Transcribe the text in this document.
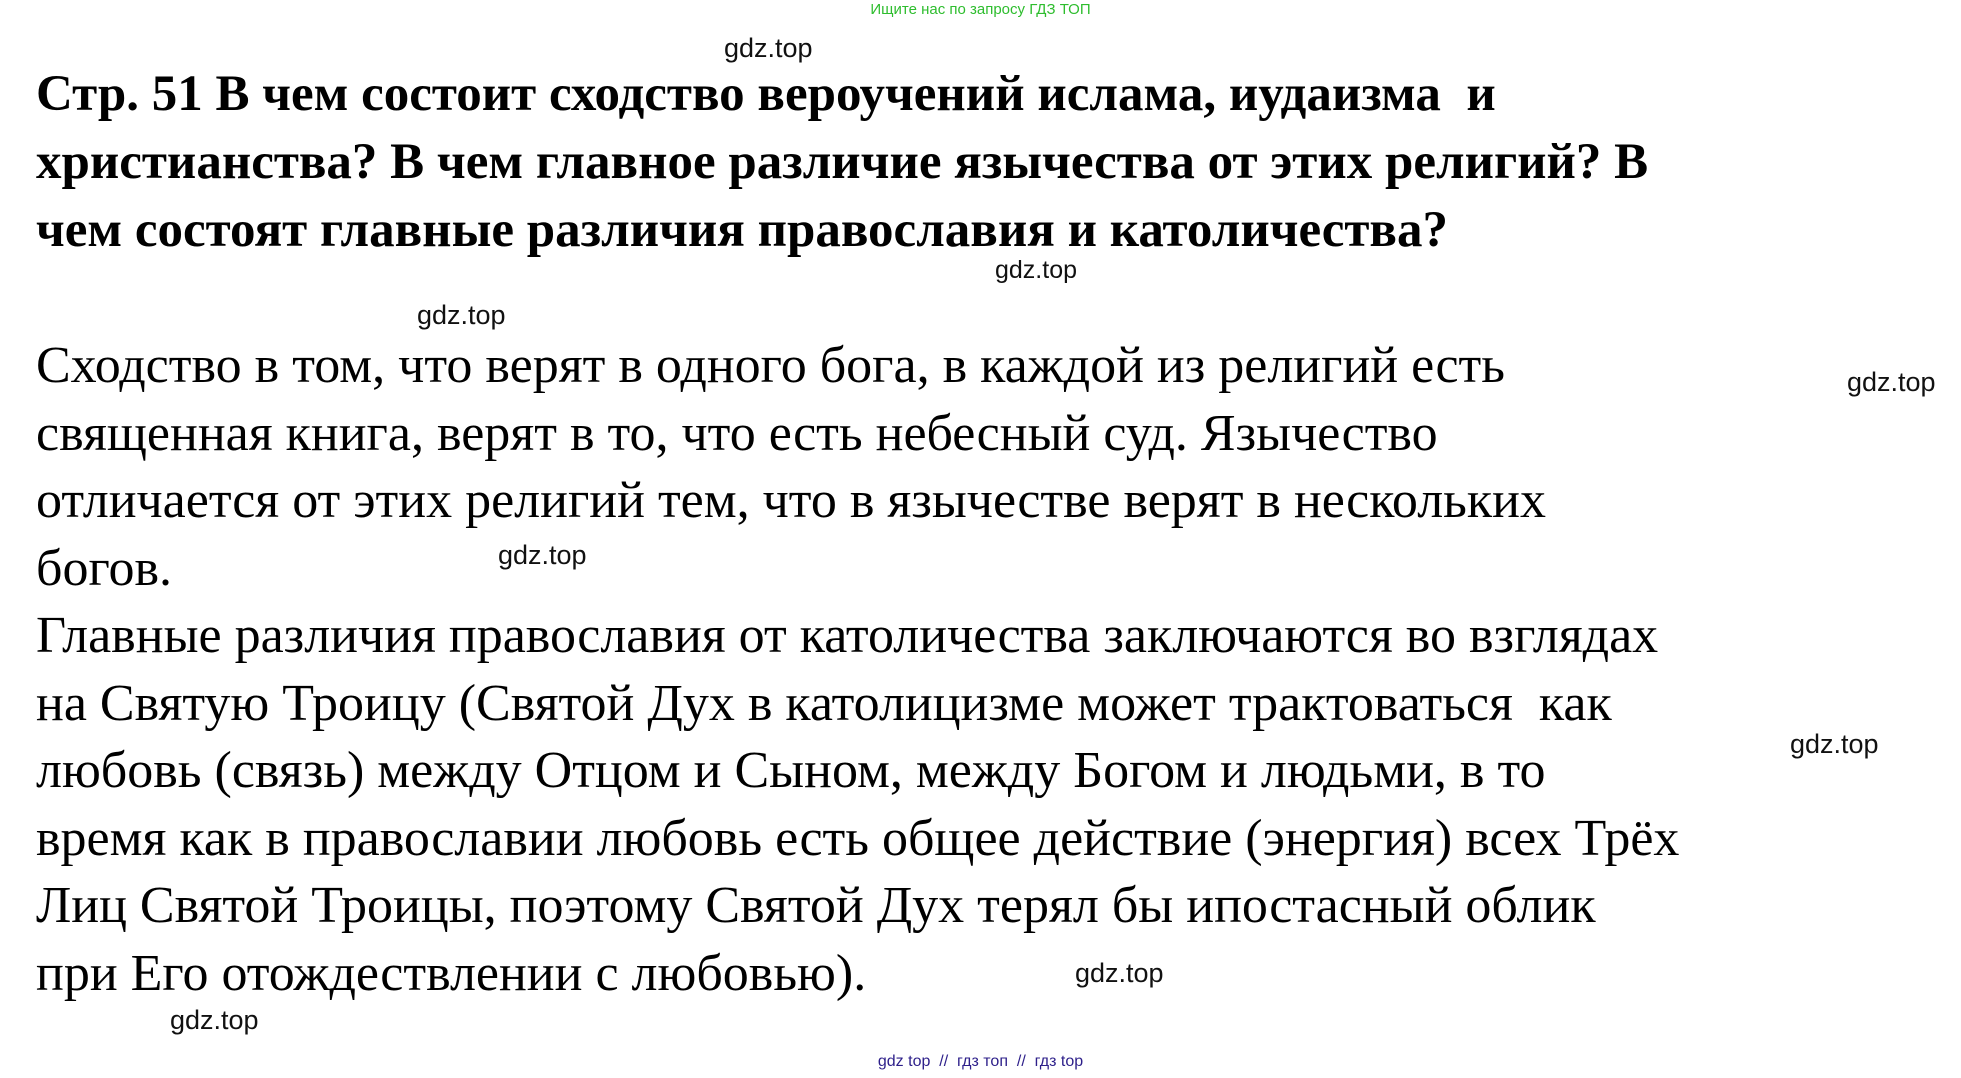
Ищите нас по запросу ГДЗ ТОП
gdz.top
Стр. 51 В чем состоит сходство вероучений ислама, иудаизма  и
христианства? В чем главное различие язычества от этих религий? В
чем состоят главные различия православия и католичества?
gdz.top
gdz.top
gdz.top
Сходство в том, что верят в одного бога, в каждой из религий есть
священная книга, верят в то, что есть небесный суд. Язычество
отличается от этих религий тем, что в язычестве верят в нескольких
богов.
Главные различия православия от католичества заключаются во взглядах
на Святую Троицу (Святой Дух в католицизме может трактоваться  как
любовь (связь) между Отцом и Сыном, между Богом и людьми, в то
время как в православии любовь есть общее действие (энергия) всех Трёх
Лиц Святой Троицы, поэтому Святой Дух терял бы ипостасный облик
при Его отождествлении с любовью).
gdz.top
gdz.top
gdz.top
gdz.top
gdz top  //  гдз топ  //  гдз top
